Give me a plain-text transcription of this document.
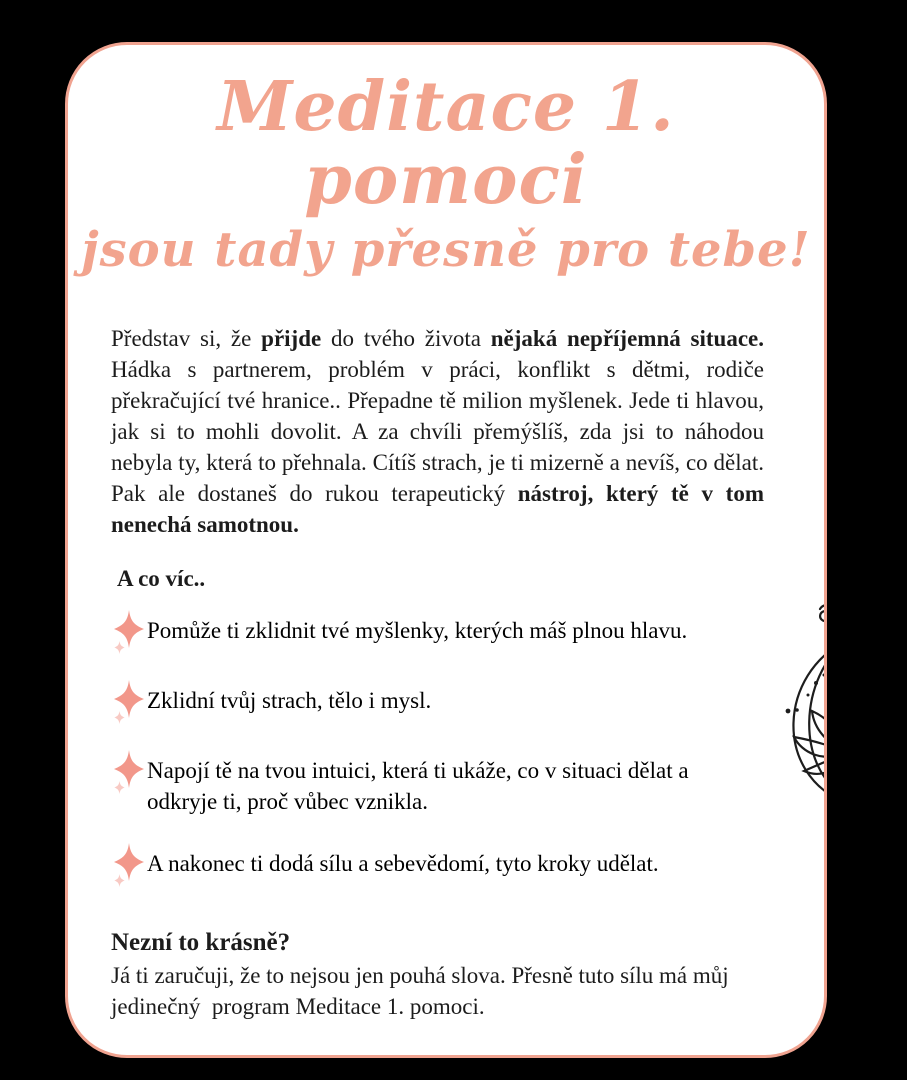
Meditace 1. pomoci
jsou tady přesně pro tebe!

Představ si, že přijde do tvého života nějaká nepříjemná situace. Hádka s partnerem, problém v práci, konflikt s dětmi, rodiče překračující tvé hranice.. Přepadne tě milion myšlenek. Jede ti hlavou, jak si to mohli dovolit. A za chvíli přemýšlíš, zda jsi to náhodou nebyla ty, která to přehnala. Cítíš strach, je ti mizerně a nevíš, co dělat. Pak ale dostaneš do rukou terapeutický nástroj, který tě v tom nenechá samotnou.

A co víc..

Pomůže ti zklidnit tvé myšlenky, kterých máš plnou hlavu.
Zklidní tvůj strach, tělo i mysl.
Napojí tě na tvou intuici, která ti ukáže, co v situaci dělat a odkryje ti, proč vůbec vznikla.
A nakonec ti dodá sílu a sebevědomí, tyto kroky udělat.

Nezní to krásně?

Já ti zaručuji, že to nejsou jen pouhá slova. Přesně tuto sílu má můj jedinečný  program Meditace 1. pomoci.
